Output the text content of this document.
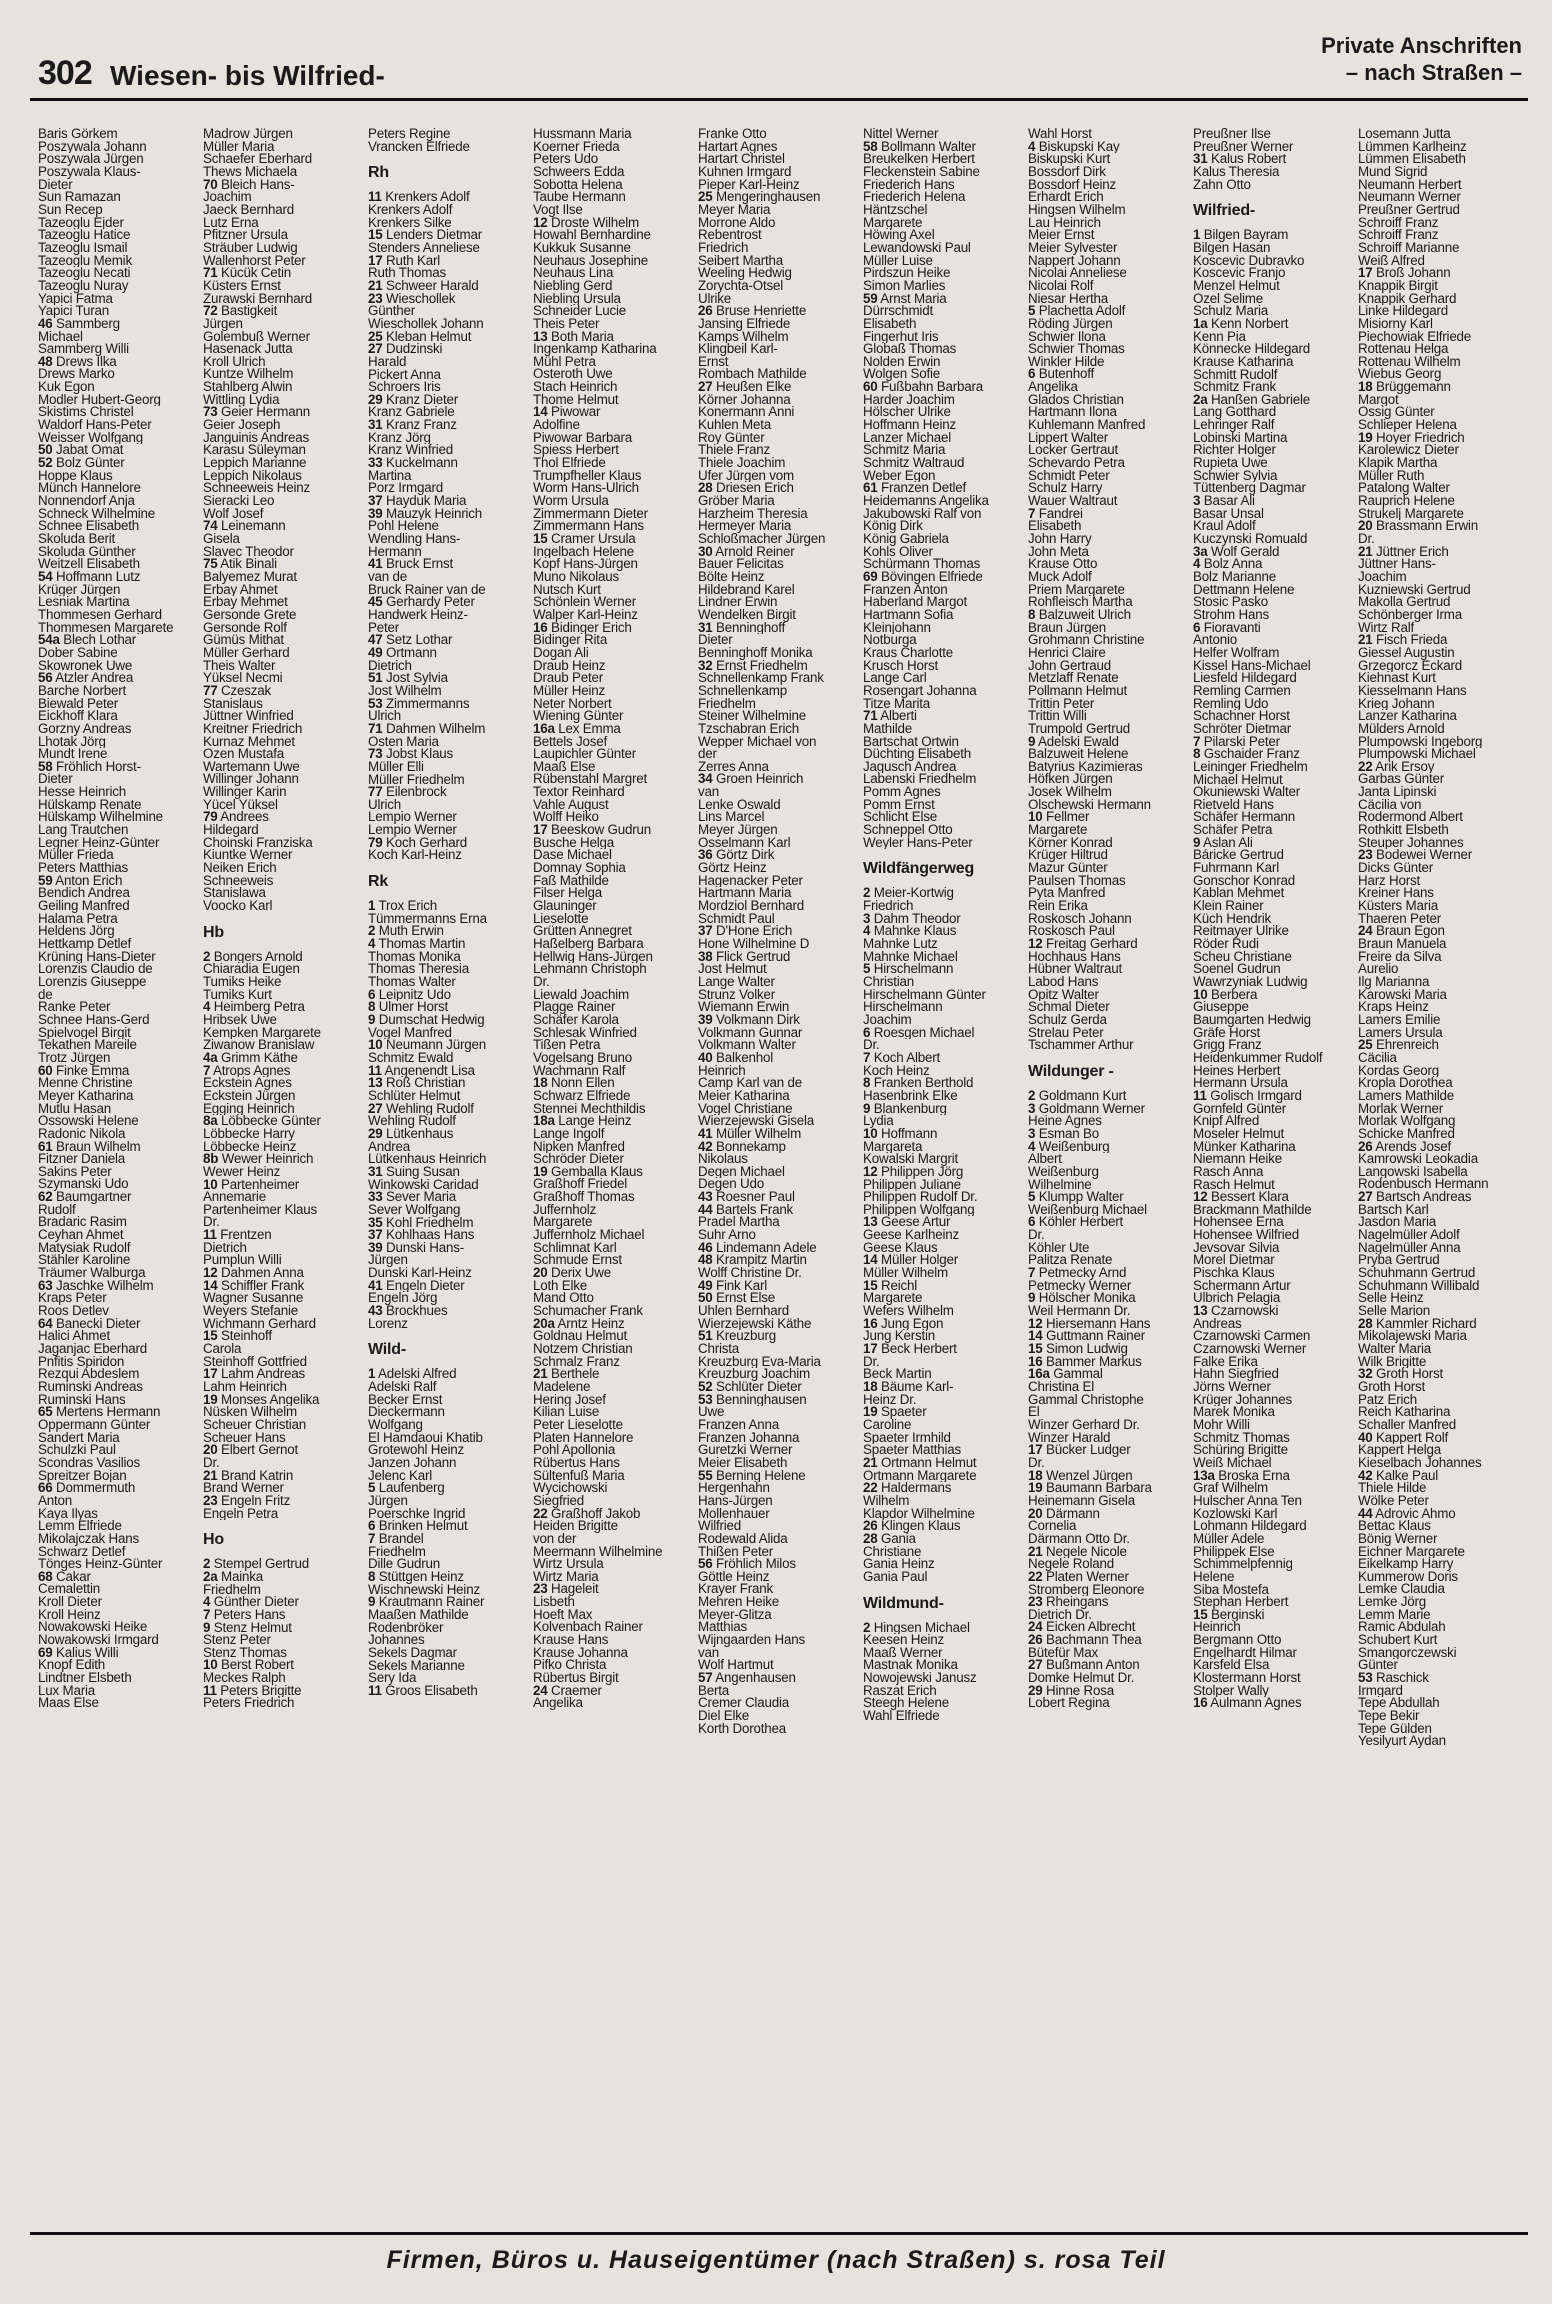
302 Wiesen- bis Wilfried-
Private Anschriften
– nach Straßen –
Baris Görkem
Poszywala Johann
Poszywala Jürgen
Poszywala Klaus-
Dieter
Sun Ramazan
Sun Recep
Tazeoglu Ejder
Tazeoglu Hatice
Tazeoglu Ismail
Tazeoglu Memik
Tazeoglu Necati
Tazeoglu Nuray
Yapici Fatma
Yapici Turan
46 Sammberg
Michael
Sammberg Willi
48 Drews Ilka
Drews Marko
Kuk Egon
Modler Hubert-Georg
Skistims Christel
Waldorf Hans-Peter
Weisser Wolfgang
50 Jabat Omat
52 Bolz Günter
Hoppe Klaus
Münch Hannelore
Nonnendorf Anja
Schneck Wilhelmine
Schnee Elisabeth
Skoluda Berit
Skoluda Günther
Weitzell Elisabeth
54 Hoffmann Lutz
Krüger Jürgen
Lesniak Martina
Thommesen Gerhard
Thommesen Margarete
54a Blech Lothar
Dober Sabine
Skowronek Uwe
56 Atzler Andrea
Barche Norbert
Biewald Peter
Eickhoff Klara
Gorzny Andreas
Lhotak Jörg
Mundt Irene
58 Fröhlich Horst-
Dieter
Hesse Heinrich
Hülskamp Renate
Hülskamp Wilhelmine
Lang Trautchen
Legner Heinz-Günter
Müller Frieda
Peters Matthias
59 Anton Erich
Bendich Andrea
Geiling Manfred
Halama Petra
Heldens Jörg
Hettkamp Detlef
Krüning Hans-Dieter
Lorenzis Claudio de
Lorenzis Giuseppe
de
Ranke Peter
Schnee Hans-Gerd
Spielvogel Birgit
Tekathen Mareile
Trotz Jürgen
60 Finke Emma
Menne Christine
Meyer Katharina
Mutlu Hasan
Ossowski Helene
Radonic Nikola
61 Braun Wilhelm
Fitzner Daniela
Sakins Peter
Szymanski Udo
62 Baumgartner
Rudolf
Bradaric Rasim
Ceyhan Ahmet
Matysiak Rudolf
Stähler Karoline
Träumer Walburga
63 Jaschke Wilhelm
Kraps Peter
Roos Detlev
64 Banecki Dieter
Halici Ahmet
Jaganjac Eberhard
Pnfitis Spiridon
Rezqui Abdeslem
Ruminski Andreas
Ruminski Hans
65 Mertens Hermann
Oppermann Günter
Sandert Maria
Schulzki Paul
Scondras Vasilios
Spreitzer Bojan
66 Dommermuth
Anton
Kaya Ilyas
Lemm Elfriede
Mikolajczak Hans
Schwarz Detlef
Tönges Heinz-Günter
68 Cakar
Cemalettin
Kroll Dieter
Kroll Heinz
Nowakowski Heike
Nowakowski Irmgard
69 Kalius Willi
Knopf Edith
Lindtner Elsbeth
Lux Maria
Maas Else
Madrow Jürgen
Müller Maria
Schaefer Eberhard
Thews Michaela
70 Bleich Hans-
Joachim
Jaeck Bernhard
Lutz Erna
Pfitzner Ursula
Sträuber Ludwig
Wallenhorst Peter
71 Kücük Cetin
Küsters Ernst
Zurawski Bernhard
72 Bastigkeit
Jürgen
Golembuß Werner
Hasenack Jutta
Kroll Ulrich
Kuntze Wilhelm
Stahlberg Alwin
Wittling Lydia
73 Geier Hermann
Geier Joseph
Janguinis Andreas
Karasu Süleyman
Leppich Marianne
Leppich Nikolaus
Schneeweis Heinz
Sieracki Leo
Wolf Josef
74 Leinemann
Gisela
Slavec Theodor
75 Atik Binali
Balyemez Murat
Erbay Ahmet
Erbay Mehmet
Gersonde Grete
Gersonde Rolf
Gümüs Mithat
Müller Gerhard
Theis Walter
Yüksel Necmi
77 Czeszak
Stanislaus
Jüttner Winfried
Kreitner Friedrich
Kurnaz Mehmet
Özen Mustafa
Wartemann Uwe
Willinger Johann
Willinger Karin
Yücel Yüksel
79 Andrees
Hildegard
Choinski Franziska
Kiuntke Werner
Neiken Erich
Schneeweis
Stanislawa
Voocko Karl
Hb
2 Bongers Arnold
Chiaradia Eugen
Tumiks Heike
Tumiks Kurt
4 Heimberg Petra
Hribsek Uwe
Kempken Margarete
Ziwanow Branislaw
4a Grimm Käthe
7 Atrops Agnes
Eckstein Agnes
Eckstein Jürgen
Egging Heinrich
8a Löbbecke Günter
Löbbecke Harry
Löbbecke Heinz
8b Wewer Heinrich
Wewer Heinz
10 Partenheimer
Annemarie
Partenheimer Klaus
Dr.
11 Frentzen
Dietrich
Pumplun Willi
12 Dahmen Anna
14 Schiffler Frank
Wagner Susanne
Weyers Stefanie
Wichmann Gerhard
15 Steinhoff
Carola
Steinhoff Gottfried
17 Lahm Andreas
Lahm Heinrich
19 Monses Angelika
Nüsken Wilhelm
Scheuer Christian
Scheuer Hans
20 Elbert Gernot
Dr.
21 Brand Katrin
Brand Werner
23 Engeln Fritz
Engeln Petra
Ho
2 Stempel Gertrud
2a Mainka
Friedhelm
4 Günther Dieter
7 Peters Hans
9 Stenz Helmut
Stenz Peter
Stenz Thomas
10 Berst Robert
Meckes Ralph
11 Peters Brigitte
Peters Friedrich
Peters Regine
Vrancken Elfriede
Rh
11 Krenkers Adolf
Krenkers Adolf
Krenkers Silke
15 Lenders Dietmar
Stenders Anneliese
17 Ruth Karl
Ruth Thomas
21 Schweer Harald
23 Wieschollek
Günther
Wieschollek Johann
25 Kleban Helmut
27 Dudzinski
Harald
Pickert Anna
Schroers Iris
29 Kranz Dieter
Kranz Gabriele
31 Kranz Franz
Kranz Jörg
Kranz Winfried
33 Kuckelmann
Martina
Porz Irmgard
37 Hayduk Maria
39 Mauzyk Heinrich
Pohl Helene
Wendling Hans-
Hermann
41 Bruck Ernst
van de
Bruck Rainer van de
45 Gerhardy Peter
Handwerk Heinz-
Peter
47 Setz Lothar
49 Ortmann
Dietrich
51 Jost Sylvia
Jost Wilhelm
53 Zimmermanns
Ulrich
71 Dahmen Wilhelm
Osten Maria
73 Jobst Klaus
Müller Elli
Müller Friedhelm
77 Eilenbrock
Ulrich
Lempio Werner
Lempio Werner
79 Koch Gerhard
Koch Karl-Heinz
Rk
1 Trox Erich
Tümmermanns Erna
2 Muth Erwin
4 Thomas Martin
Thomas Monika
Thomas Theresia
Thomas Walter
6 Leipnitz Udo
8 Ulmer Horst
9 Dumschat Hedwig
Vogel Manfred
10 Neumann Jürgen
Schmitz Ewald
11 Angenendt Lisa
13 Roß Christian
Schlüter Helmut
27 Wehling Rudolf
Wehling Rudolf
29 Lütkenhaus
Andrea
Lütkenhaus Heinrich
31 Suing Susan
Winkowski Caridad
33 Sever Maria
Sever Wolfgang
35 Kohl Friedhelm
37 Kohlhaas Hans
39 Dunski Hans-
Jürgen
Dunski Karl-Heinz
41 Engeln Dieter
Engeln Jörg
43 Brockhues
Lorenz
Wild-
1 Adelski Alfred
Adelski Ralf
Becker Ernst
Dieckermann
Wolfgang
El Hamdaoui Khatib
Grotewohl Heinz
Janzen Johann
Jelenc Karl
5 Laufenberg
Jürgen
Poerschke Ingrid
6 Brinken Helmut
7 Brandel
Friedhelm
Dille Gudrun
8 Stüttgen Heinz
Wischnewski Heinz
9 Krautmann Rainer
Maaßen Mathilde
Rodenbröker
Johannes
Sekels Dagmar
Sekels Marianne
Sery Ida
11 Groos Elisabeth
Hussmann Maria
Koerner Frieda
Peters Udo
Schweers Edda
Sobotta Helena
Taube Hermann
Vogt Ilse
12 Droste Wilhelm
Howahl Bernhardine
Kukkuk Susanne
Neuhaus Josephine
Neuhaus Lina
Niebling Gerd
Niebling Ursula
Schneider Lucie
Theis Peter
13 Both Maria
Ingenkamp Katharina
Mühl Petra
Osteroth Uwe
Stach Heinrich
Thome Helmut
14 Piwowar
Adolfine
Piwowar Barbara
Spiess Herbert
Thol Elfriede
Trumpfheller Klaus
Worm Hans-Ulrich
Worm Ursula
Zimmermann Dieter
Zimmermann Hans
15 Cramer Ursula
Ingelbach Helene
Kopf Hans-Jürgen
Muno Nikolaus
Nutsch Kurt
Schönlein Werner
Walper Karl-Heinz
16 Bidinger Erich
Bidinger Rita
Dogan Ali
Draub Heinz
Draub Peter
Müller Heinz
Neter Norbert
Wiening Günter
16a Lex Emma
Bettels Josef
Laupichler Günter
Maaß Else
Rübenstahl Margret
Textor Reinhard
Vahle August
Wolff Heiko
17 Beeskow Gudrun
Busche Helga
Dase Michael
Domnay Sophia
Faß Mathilde
Filser Helga
Glauninger
Lieselotte
Grütten Annegret
Haßelberg Barbara
Hellwig Hans-Jürgen
Lehmann Christoph
Dr.
Liewald Joachim
Plagge Rainer
Schäfer Karola
Schlesak Winfried
Tißen Petra
Vogelsang Bruno
Wachmann Ralf
18 Nonn Ellen
Schwarz Elfriede
Stennei Mechthildis
18a Lange Heinz
Lange Ingolf
Nipken Manfred
Schröder Dieter
19 Gemballa Klaus
Graßhoff Friedel
Graßhoff Thomas
Juffernholz
Margarete
Juffernholz Michael
Schlimnat Karl
Schmude Ernst
20 Derix Uwe
Loth Elke
Mand Otto
Schumacher Frank
20a Arntz Heinz
Goldnau Helmut
Notzem Christian
Schmalz Franz
21 Berthele
Madelene
Hering Josef
Kilian Luise
Peter Lieselotte
Platen Hannelore
Pohl Apollonia
Rübertus Hans
Sültenfuß Maria
Wycichowski
Siegfried
22 Graßhoff Jakob
Heiden Brigitte
von der
Meermann Wilhelmine
Wirtz Ursula
Wirtz Maria
23 Hageleit
Lisbeth
Hoeft Max
Kolvenbach Rainer
Krause Hans
Krause Johanna
Pifko Christa
Rübertus Birgit
24 Craemer
Angelika
Franke Otto
Hartart Agnes
Hartart Christel
Kuhnen Irmgard
Pieper Karl-Heinz
25 Mengeringhausen
Meyer Maria
Morrone Aldo
Rebentrost
Friedrich
Seibert Martha
Weeling Hedwig
Zorychta-Otsel
Ulrike
26 Bruse Henriette
Jansing Elfriede
Kamps Wilhelm
Klingbeil Karl-
Ernst
Rombach Mathilde
27 Heußen Elke
Körner Johanna
Konermann Anni
Kuhlen Meta
Roy Günter
Thiele Franz
Thiele Joachim
Ufer Jürgen vom
28 Driesen Erich
Gröber Maria
Harzheim Theresia
Hermeyer Maria
Schloßmacher Jürgen
30 Arnold Reiner
Bauer Felicitas
Bölte Heinz
Hildebrand Karel
Lindner Erwin
Wendelken Birgit
31 Benninghoff
Dieter
Benninghoff Monika
32 Ernst Friedhelm
Schnellenkamp Frank
Schnellenkamp
Friedhelm
Steiner Wilhelmine
Tzschabran Erich
Wepper Michael von
der
Zerres Anna
34 Groen Heinrich
van
Lenke Oswald
Lins Marcel
Meyer Jürgen
Osselmann Karl
36 Görtz Dirk
Görtz Heinz
Hagenacker Peter
Hartmann Maria
Mordziol Bernhard
Schmidt Paul
37 D'Hone Erich
Hone Wilhelmine D
38 Flick Gertrud
Jost Helmut
Lange Walter
Strunz Volker
Wiemann Erwin
39 Volkmann Dirk
Volkmann Gunnar
Volkmann Walter
40 Balkenhol
Heinrich
Camp Karl van de
Meier Katharina
Vogel Christiane
Wierzejewski Gisela
41 Müller Wilhelm
42 Bonnekamp
Nikolaus
Degen Michael
Degen Udo
43 Roesner Paul
44 Bartels Frank
Pradel Martha
Suhr Arno
46 Lindemann Adele
48 Krampitz Martin
Wolff Christine Dr.
49 Fink Karl
50 Ernst Else
Uhlen Bernhard
Wierzejewski Käthe
51 Kreuzburg
Christa
Kreuzburg Eva-Maria
Kreuzburg Joachim
52 Schlüter Dieter
53 Benninghausen
Uwe
Franzen Anna
Franzen Johanna
Guretzki Werner
Meier Elisabeth
55 Berning Helene
Hergenhahn
Hans-Jürgen
Mollenhauer
Wilfried
Rodewald Alida
Thißen Peter
56 Fröhlich Milos
Göttle Heinz
Krayer Frank
Mehren Heike
Meyer-Glitza
Matthias
Wijngaarden Hans
van
Wolf Hartmut
57 Angenhausen
Berta
Cremer Claudia
Diel Elke
Korth Dorothea
Nittel Werner
58 Bollmann Walter
Breukelken Herbert
Fleckenstein Sabine
Friederich Hans
Friederich Helena
Häntzschel
Margarete
Höwing Axel
Lewandowski Paul
Müller Luise
Pirdszun Heike
Simon Marlies
59 Arnst Maria
Dürrschmidt
Elisabeth
Fingerhut Iris
Globaß Thomas
Nolden Erwin
Wolgen Sofie
60 Fußbahn Barbara
Harder Joachim
Hölscher Ulrike
Hoffmann Heinz
Lanzer Michael
Schmitz Maria
Schmitz Waltraud
Weber Egon
61 Franzen Detlef
Heidemanns Angelika
Jakubowski Ralf von
König Dirk
König Gabriela
Kohls Oliver
Schürmann Thomas
69 Bövingen Elfriede
Franzen Anton
Haberland Margot
Hartmann Sofia
Kleinjohann
Notburga
Kraus Charlotte
Krusch Horst
Lange Carl
Rosengart Johanna
Titze Marita
71 Alberti
Mathilde
Bartschat Ortwin
Düchting Elisabeth
Jagusch Andrea
Labenski Friedhelm
Pomm Agnes
Pomm Ernst
Schlicht Else
Schneppel Otto
Weyler Hans-Peter
Wildfängerweg
2 Meier-Kortwig
Friedrich
3 Dahm Theodor
4 Mahnke Klaus
Mahnke Lutz
Mahnke Michael
5 Hirschelmann
Christian
Hirschelmann Günter
Hirschelmann
Joachim
6 Roesgen Michael
Dr.
7 Koch Albert
Koch Heinz
8 Franken Berthold
Hasenbrink Elke
9 Blankenburg
Lydia
10 Hoffmann
Margareta
Kowalski Margrit
12 Philippen Jörg
Philippen Juliane
Philippen Rudolf Dr.
Philippen Wolfgang
13 Geese Artur
Geese Karlheinz
Geese Klaus
14 Müller Holger
Müller Wilhelm
15 Reichl
Margarete
Wefers Wilhelm
16 Jung Egon
Jung Kerstin
17 Beck Herbert
Dr.
Beck Martin
18 Bäume Karl-
Heinz Dr.
19 Spaeter
Caroline
Spaeter Irmhild
Spaeter Matthias
21 Ortmann Helmut
Ortmann Margarete
22 Haldermans
Wilhelm
Klapdor Wilhelmine
26 Klingen Klaus
28 Gania
Christiane
Gania Heinz
Gania Paul
Wildmund-
2 Hingsen Michael
Keesen Heinz
Maaß Werner
Mastnak Monika
Nowojewski Janusz
Raszat Erich
Steegh Helene
Wahl Elfriede
Wahl Horst
4 Biskupski Kay
Biskupski Kurt
Bossdorf Dirk
Bossdorf Heinz
Erhardt Erich
Hingsen Wilhelm
Lau Heinrich
Meier Ernst
Meier Sylvester
Nappert Johann
Nicolai Anneliese
Nicolai Rolf
Niesar Hertha
5 Plachetta Adolf
Röding Jürgen
Schwier Ilona
Schwier Thomas
Winkler Hilde
6 Butenhoff
Angelika
Glados Christian
Hartmann Ilona
Kuhlemann Manfred
Lippert Walter
Locker Gertraut
Schevardo Petra
Schmidt Peter
Schulz Harry
Wauer Waltraut
7 Fandrei
Elisabeth
John Harry
John Meta
Krause Otto
Muck Adolf
Priem Margarete
Rohfleisch Martha
8 Balzuweit Ulrich
Braun Jürgen
Grohmann Christine
Henrici Claire
John Gertraud
Metzlaff Renate
Pollmann Helmut
Trittin Peter
Trittin Willi
Trumpold Gertrud
9 Adelski Ewald
Balzuweit Helene
Batyrius Kazimieras
Höfken Jürgen
Josek Wilhelm
Olschewski Hermann
10 Fellmer
Margarete
Körner Konrad
Krüger Hiltrud
Mazur Günter
Paulsen Thomas
Pyta Manfred
Rein Erika
Roskosch Johann
Roskosch Paul
12 Freitag Gerhard
Hochhaus Hans
Hübner Waltraut
Labod Hans
Opitz Walter
Schmal Dieter
Schulz Gerda
Strelau Peter
Tschammer Arthur
Wildunger -
2 Goldmann Kurt
3 Goldmann Werner
Heine Agnes
3 Esman Bo
4 Weißenburg
Albert
Weißenburg
Wilhelmine
5 Klumpp Walter
Weißenburg Michael
6 Köhler Herbert
Dr.
Köhler Ute
Palitza Renate
7 Petmecky Arnd
Petmecky Werner
9 Hölscher Monika
Weil Hermann Dr.
12 Hiersemann Hans
14 Guttmann Rainer
15 Simon Ludwig
16 Bammer Markus
16a Gammal
Christina El
Gammal Christophe
El
Winzer Gerhard Dr.
Winzer Harald
17 Bücker Ludger
Dr.
18 Wenzel Jürgen
19 Baumann Barbara
Heinemann Gisela
20 Därmann
Cornelia
Därmann Otto Dr.
21 Negele Nicole
Negele Roland
22 Platen Werner
Stromberg Eleonore
23 Rheingans
Dietrich Dr.
24 Eicken Albrecht
26 Bachmann Thea
Bütefür Max
27 Bußmann Anton
Domke Helmut Dr.
29 Hinne Rosa
Lobert Regina
Preußner Ilse
Preußner Werner
31 Kalus Robert
Kalus Theresia
Zahn Otto
Wilfried-
1 Bilgen Bayram
Bilgen Hasan
Koscevic Dubravko
Koscevic Franjo
Menzel Helmut
Özel Selime
Schulz Maria
1a Kenn Norbert
Kenn Pia
Könnecke Hildegard
Krause Katharina
Schmitt Rudolf
Schmitz Frank
2a Hanßen Gabriele
Lang Gotthard
Lehringer Ralf
Lobinski Martina
Richter Holger
Rupieta Uwe
Schwier Sylvia
Tüttenberg Dagmar
3 Basar Ali
Basar Ünsal
Kraul Adolf
Kuczynski Romuald
3a Wolf Gerald
4 Bolz Anna
Bolz Marianne
Dettmann Helene
Stosic Pasko
Strohm Hans
6 Fioravanti
Antonio
Helfer Wolfram
Kissel Hans-Michael
Liesfeld Hildegard
Remling Carmen
Remling Udo
Schachner Horst
Schröter Dietmar
7 Pilarski Peter
8 Gschaider Franz
Leininger Friedhelm
Michael Helmut
Okuniewski Walter
Rietveld Hans
Schäfer Hermann
Schäfer Petra
9 Aslan Ali
Báricke Gertrud
Fuhrmann Karl
Gonschor Konrad
Kablan Mehmet
Klein Rainer
Küch Hendrik
Reitmayer Ulrike
Röder Rudi
Scheu Christiane
Soenel Gudrun
Wawrzyniak Ludwig
10 Berbera
Giuseppe
Baumgarten Hedwig
Gräfe Horst
Grigg Franz
Heidenkummer Rudolf
Heines Herbert
Hermann Ursula
11 Golisch Irmgard
Gornfeld Günter
Knipf Alfred
Moseler Helmut
Münker Katharina
Niemann Heike
Rasch Anna
Rasch Helmut
12 Bessert Klara
Brackmann Mathilde
Hohensee Erna
Hohensee Wilfried
Jevsovar Silvia
Morel Dietmar
Pischka Klaus
Schermann Artur
Ulbrich Pelagia
13 Czarnowski
Andreas
Czarnowski Carmen
Czarnowski Werner
Falke Erika
Hahn Siegfried
Jörns Werner
Krüger Johannes
Marek Monika
Mohr Willi
Schmitz Thomas
Schüring Brigitte
Weiß Michael
13a Broska Erna
Graf Wilhelm
Hulscher Anna Ten
Kozlowski Karl
Lohmann Hildegard
Müller Adele
Philippek Else
Schimmelpfennig
Helene
Siba Mostefa
Stephan Herbert
15 Berginski
Heinrich
Bergmann Otto
Engelhardt Hilmar
Karsfeld Elsa
Klostermann Horst
Stolper Wally
16 Aulmann Agnes
Losemann Jutta
Lümmen Karlheinz
Lümmen Elisabeth
Mund Sigrid
Neumann Herbert
Neumann Werner
Preußner Gertrud
Schroiff Franz
Schroiff Franz
Schroiff Marianne
Weiß Alfred
17 Broß Johann
Knappik Birgit
Knappik Gerhard
Linke Hildegard
Misiorny Karl
Piechowiak Elfriede
Rottenau Helga
Rottenau Wilhelm
Wiebus Georg
18 Brüggemann
Margot
Ossig Günter
Schlieper Helena
19 Hoyer Friedrich
Karolewicz Dieter
Klapik Martha
Müller Ruth
Patalong Walter
Rauprich Helene
Strukelj Margarete
20 Brassmann Erwin
Dr.
21 Jüttner Erich
Jüttner Hans-
Joachim
Kuzniewski Gertrud
Makolla Gertrud
Schönberger Irma
Wirtz Ralf
21 Fisch Frieda
Giessel Augustin
Grzegorcz Eckard
Kiehnast Kurt
Kiesselmann Hans
Krieg Johann
Lanzer Katharina
Mülders Arnold
Plumpowski Ingeborg
Plumpowski Michael
22 Arik Ersoy
Garbas Günter
Janta Lipinski
Cäcilia von
Rodermond Albert
Rothkitt Elsbeth
Steuper Johannes
23 Bodewei Werner
Dicks Günter
Harz Horst
Kreiner Hans
Küsters Maria
Thaeren Peter
24 Braun Egon
Braun Manuela
Freire da Silva
Aurelio
Ilg Marianna
Karowski Maria
Kraps Heinz
Lamers Emilie
Lamers Ursula
25 Ehrenreich
Cäcilia
Kordas Georg
Kropla Dorothea
Lamers Mathilde
Morlak Werner
Morlak Wolfgang
Schicke Manfred
26 Arends Josef
Kamrowski Leokadia
Langowski Isabella
Rodenbusch Hermann
27 Bartsch Andreas
Bartsch Karl
Jasdon Maria
Nagelmüller Adolf
Nagelmüller Anna
Pryba Gertrud
Schuhmann Gertrud
Schuhmann Willibald
Selle Heinz
Selle Marion
28 Kammler Richard
Mikolajewski Maria
Walter Maria
Wilk Brigitte
32 Groth Horst
Groth Horst
Patz Erich
Reich Katharina
Schaller Manfred
40 Kappert Rolf
Kappert Helga
Kieselbach Johannes
42 Kalke Paul
Thiele Hilde
Wölke Peter
44 Adrovic Ahmo
Bettac Klaus
Bönig Werner
Eichner Margarete
Eikelkamp Harry
Kummerow Doris
Lemke Claudia
Lemke Jörg
Lemm Marie
Ramic Abdulah
Schubert Kurt
Smangorczewski
Günter
53 Raschick
Irmgard
Tepe Abdullah
Tepe Bekir
Tepe Gülden
Yesilyurt Aydan
Firmen, Büros u. Hauseigentümer (nach Straßen) s. rosa Teil
